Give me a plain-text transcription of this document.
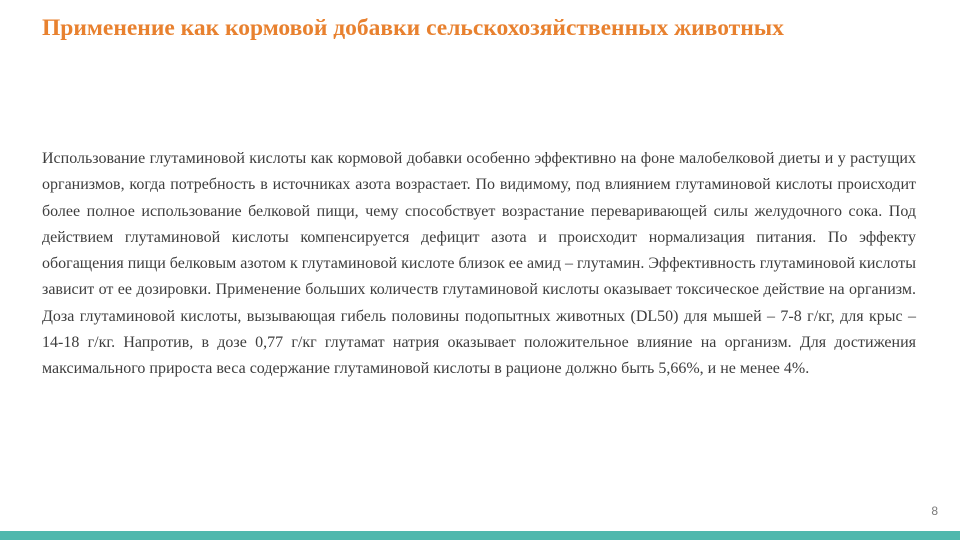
Применение как кормовой добавки сельскохозяйственных животных

Использование глутаминовой кислоты как кормовой добавки особенно эффективно на фоне малобелковой диеты и у растущих организмов, когда потребность в источниках азота возрастает. По видимому, под влиянием глутаминовой кислоты происходит более полное использование белковой пищи, чему способствует возрастание переваривающей силы желудочного сока. Под действием глутаминовой кислоты компенсируется дефицит азота и происходит нормализация питания. По эффекту обогащения пищи белковым азотом к глутаминовой кислоте близок ее амид – глутамин. Эффективность глутаминовой кислоты зависит от ее дозировки. Применение больших количеств глутаминовой кислоты оказывает токсическое действие на организм. Доза глутаминовой кислоты, вызывающая гибель половины подопытных животных (DL50) для мышей – 7-8 г/кг, для крыс – 14-18 г/кг. Напротив, в дозе 0,77 г/кг глутамат натрия оказывает положительное влияние на организм. Для достижения максимального прироста веса содержание глутаминовой кислоты в рационе должно быть 5,66%, и не менее 4%.

8
